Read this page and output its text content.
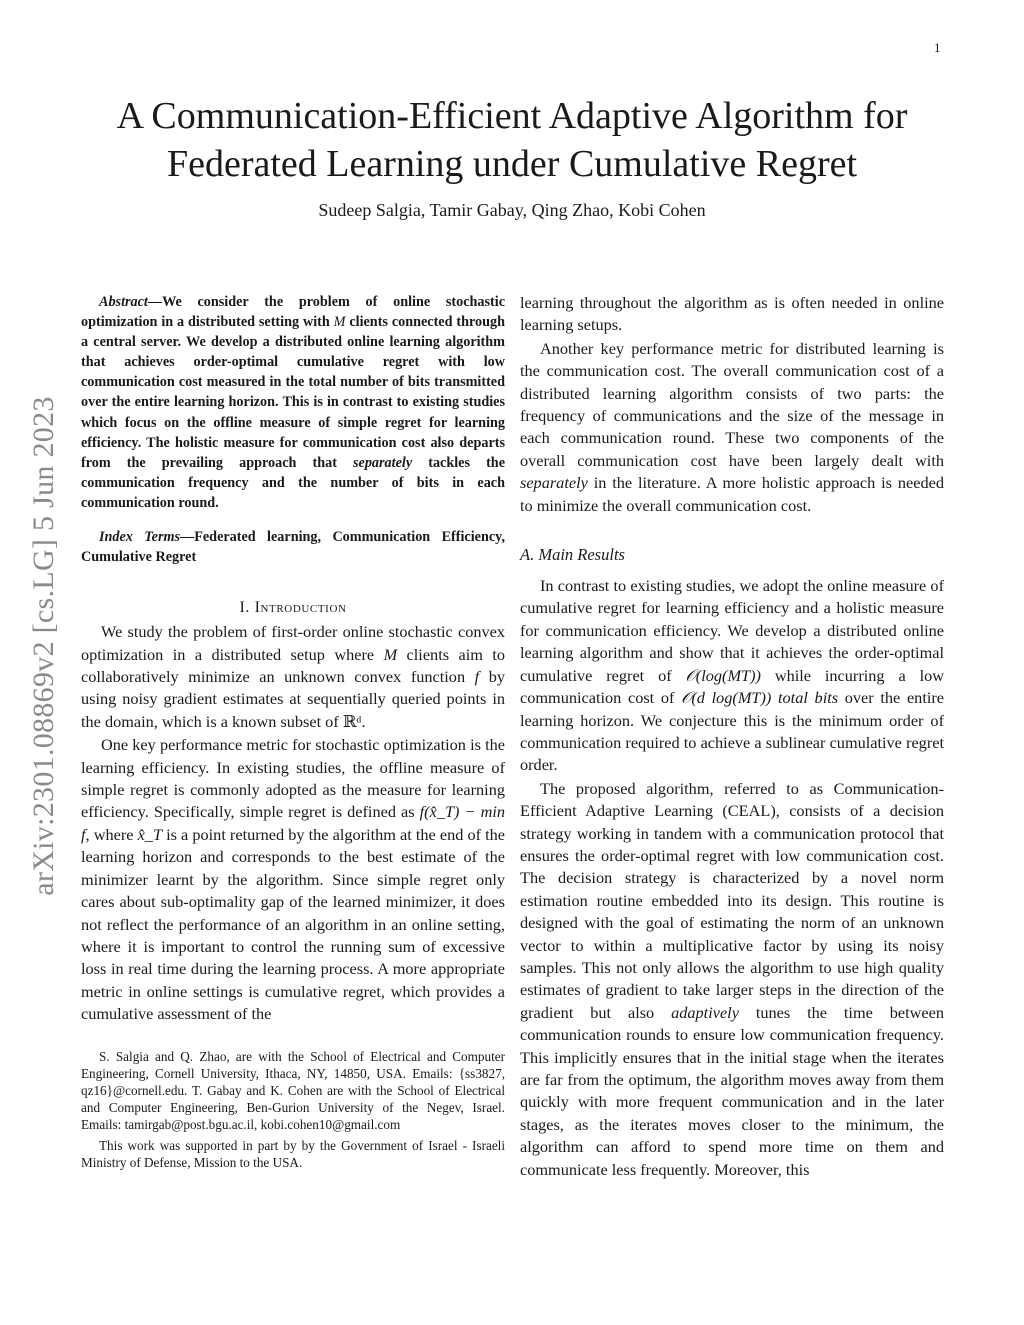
1
arXiv:2301.08869v2 [cs.LG] 5 Jun 2023
A Communication-Efficient Adaptive Algorithm for
Federated Learning under Cumulative Regret
Sudeep Salgia, Tamir Gabay, Qing Zhao, Kobi Cohen

Abstract—We consider the problem of online stochastic optimization in a distributed setting with M clients connected through a central server. We develop a distributed online learning algorithm that achieves order-optimal cumulative regret with low communication cost measured in the total number of bits transmitted over the entire learning horizon. This is in contrast to existing studies which focus on the offline measure of simple regret for learning efficiency. The holistic measure for communication cost also departs from the prevailing approach that separately tackles the communication frequency and the number of bits in each communication round.

Index Terms—Federated learning, Communication Efficiency, Cumulative Regret

I. Introduction

We study the problem of first-order online stochastic convex optimization in a distributed setup where M clients aim to collaboratively minimize an unknown convex function f by using noisy gradient estimates at sequentially queried points in the domain, which is a known subset of ℝᵈ.

One key performance metric for stochastic optimization is the learning efficiency. In existing studies, the offline measure of simple regret is commonly adopted as the measure for learning efficiency. Specifically, simple regret is defined as f(x̂_T) − min f, where x̂_T is a point returned by the algorithm at the end of the learning horizon and corresponds to the best estimate of the minimizer learnt by the algorithm. Since simple regret only cares about sub-optimality gap of the learned minimizer, it does not reflect the performance of an algorithm in an online setting, where it is important to control the running sum of excessive loss in real time during the learning process. A more appropriate metric in online settings is cumulative regret, which provides a cumulative assessment of the

S. Salgia and Q. Zhao, are with the School of Electrical and Computer Engineering, Cornell University, Ithaca, NY, 14850, USA. Emails: {ss3827, qz16}@cornell.edu. T. Gabay and K. Cohen are with the School of Electrical and Computer Engineering, Ben-Gurion University of the Negev, Israel. Emails: tamirgab@post.bgu.ac.il, kobi.cohen10@gmail.com

This work was supported in part by by the Government of Israel - Israeli Ministry of Defense, Mission to the USA.

learning throughout the algorithm as is often needed in online learning setups.

Another key performance metric for distributed learning is the communication cost. The overall communication cost of a distributed learning algorithm consists of two parts: the frequency of communications and the size of the message in each communication round. These two components of the overall communication cost have been largely dealt with separately in the literature. A more holistic approach is needed to minimize the overall communication cost.

A. Main Results

In contrast to existing studies, we adopt the online measure of cumulative regret for learning efficiency and a holistic measure for communication efficiency. We develop a distributed online learning algorithm and show that it achieves the order-optimal cumulative regret of 𝒪(log(MT)) while incurring a low communication cost of 𝒪(d log(MT)) total bits over the entire learning horizon. We conjecture this is the minimum order of communication required to achieve a sublinear cumulative regret order.

The proposed algorithm, referred to as Communication-Efficient Adaptive Learning (CEAL), consists of a decision strategy working in tandem with a communication protocol that ensures the order-optimal regret with low communication cost. The decision strategy is characterized by a novel norm estimation routine embedded into its design. This routine is designed with the goal of estimating the norm of an unknown vector to within a multiplicative factor by using its noisy samples. This not only allows the algorithm to use high quality estimates of gradient to take larger steps in the direction of the gradient but also adaptively tunes the time between communication rounds to ensure low communication frequency. This implicitly ensures that in the initial stage when the iterates are far from the optimum, the algorithm moves away from them quickly with more frequent communication and in the later stages, as the iterates moves closer to the minimum, the algorithm can afford to spend more time on them and communicate less frequently. Moreover, this
